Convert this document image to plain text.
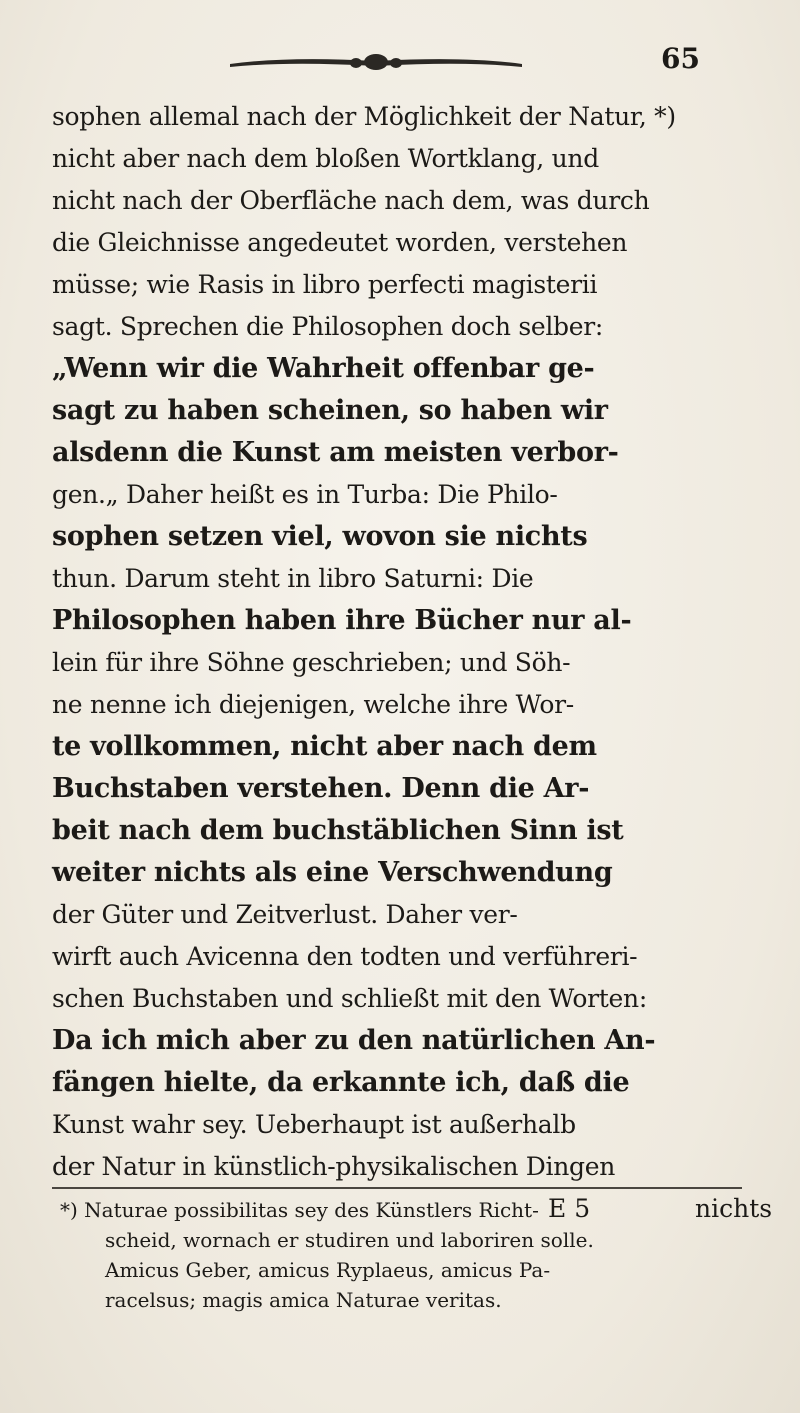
65
sophen allemal nach der Möglichkeit der Natur, *)
nicht aber nach dem bloßen Wortklang, und
nicht nach der Oberfläche nach dem, was durch
die Gleichnisse angedeutet worden, verstehen
müsse; wie Rasis in libro perfecti magisterii
sagt. Sprechen die Philosophen doch selber:
„Wenn wir die Wahrheit offenbar ge-
sagt zu haben scheinen, so haben wir
alsdenn die Kunst am meisten verbor-
gen.„ Daher heißt es in Turba: Die Philo-
sophen setzen viel, wovon sie nichts
thun. Darum steht in libro Saturni: Die
Philosophen haben ihre Bücher nur al-
lein für ihre Söhne geschrieben; und Söh-
ne nenne ich diejenigen, welche ihre Wor-
te vollkommen, nicht aber nach dem
Buchstaben verstehen. Denn die Ar-
beit nach dem buchstäblichen Sinn ist
weiter nichts als eine Verschwendung
der Güter und Zeitverlust. Daher ver-
wirft auch Avicenna den todten und verführeri-
schen Buchstaben und schließt mit den Worten:
Da ich mich aber zu den natürlichen An-
fängen hielte, da erkannte ich, daß die
Kunst wahr sey. Ueberhaupt ist außerhalb
der Natur in künstlich-physikalischen Dingen
E 5	nichts
*) Naturae possibilitas sey des Künstlers Richt-
scheid, wornach er studiren und laboriren solle.
Amicus Geber, amicus Ryplaeus, amicus Pa-
racelsus; magis amica Naturae veritas.
